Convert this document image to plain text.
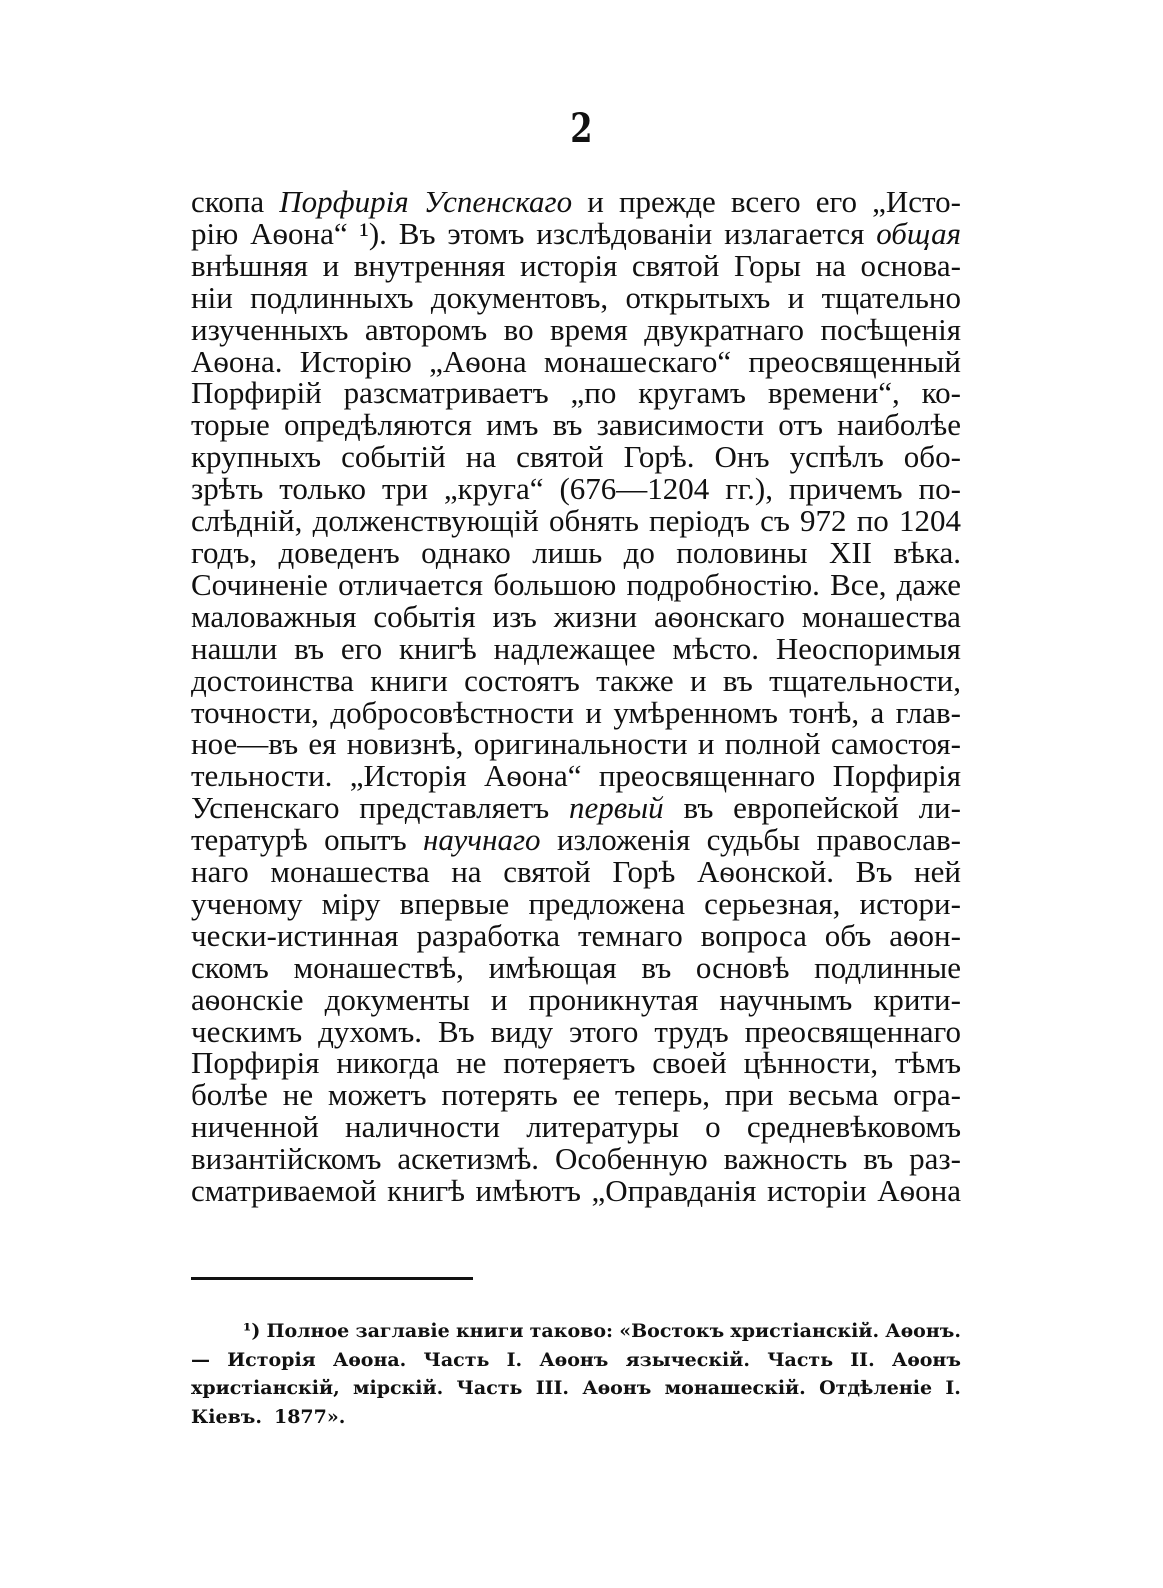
2
скопа Порфирія Успенскаго и прежде всего его „Исто-
рію Аѳона“ ¹). Въ этомъ изслѣдованіи излагается общая
внѣшняя и внутренняя исторія святой Горы на основа-
ніи подлинныхъ документовъ, открытыхъ и тщательно
изученныхъ авторомъ во время двукратнаго посѣщенія
Аѳона. Исторію „Аѳона монашескаго“ преосвященный
Порфирій разсматриваетъ „по кругамъ времени“, ко-
торые опредѣляются имъ въ зависимости отъ наиболѣе
крупныхъ событій на святой Горѣ. Онъ успѣлъ обо-
зрѣть только три „круга“ (676—1204 гг.), причемъ по-
слѣдній, долженствующій обнять періодъ съ 972 по 1204
годъ, доведенъ однако лишь до половины XII вѣка.
Сочиненіе отличается большою подробностію. Все, даже
маловажныя событія изъ жизни аѳонскаго монашества
нашли въ его книгѣ надлежащее мѣсто. Неоспоримыя
достоинства книги состоятъ также и въ тщательности,
точности, добросовѣстности и умѣренномъ тонѣ, а глав-
ное—въ ея новизнѣ, оригинальности и полной самостоя-
тельности. „Исторія Аѳона“ преосвященнаго Порфирія
Успенскаго представляетъ первый въ европейской ли-
тературѣ опытъ научнаго изложенія судьбы православ-
наго монашества на святой Горѣ Аѳонской. Въ ней
ученому міру впервые предложена серьезная, истори-
чески-истинная разработка темнаго вопроса объ аѳон-
скомъ монашествѣ, имѣющая въ основѣ подлинные
аѳонскіе документы и проникнутая научнымъ крити-
ческимъ духомъ. Въ виду этого трудъ преосвященнаго
Порфирія никогда не потеряетъ своей цѣнности, тѣмъ
болѣе не можетъ потерять ее теперь, при весьма огра-
ниченной наличности литературы о средневѣковомъ
византійскомъ аскетизмѣ. Особенную важность въ раз-
сматриваемой книгѣ имѣютъ „Оправданія исторіи Аѳона
¹) Полное заглавіе книги таково: «Востокъ христіанскій. Аѳонъ.
— Исторія Аѳона. Часть I. Аѳонъ языческій. Часть II. Аѳонъ
христіанскій, мірскій. Часть III. Аѳонъ монашескій. Отдѣленіе I.
Кіевъ. 1877».
